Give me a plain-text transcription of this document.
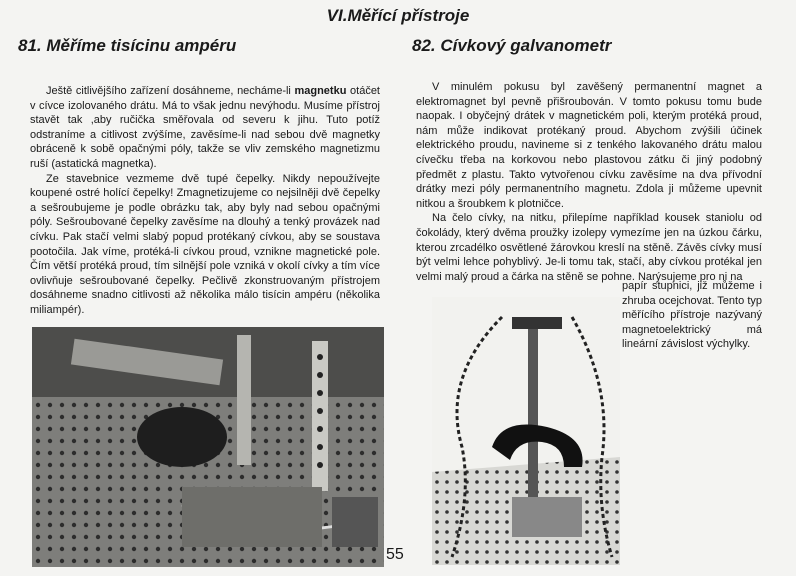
VI.Měřící přístroje
81. Měříme tisícinu ampéru	82. Cívkový galvanometr

Ještě citlivějšího zařízení dosáhneme, necháme-li magnetku otáčet v cívce izolovaného drátu. Má to však jednu nevýhodu. Musíme přístroj stavět tak ,aby ručička směřovala od severu k jihu. Tuto potíž odstraníme a citlivost zvýšíme, zavěsíme-li nad sebou dvě magnetky obráceně k sobě opačnými póly, takže se vliv zemského magnetizmu ruší (astatická magnetka).

Ze stavebnice vezmeme dvě tupé čepelky. Nikdy nepoužívejte koupené ostré holící čepelky! Zmagnetizujeme co nejsilněji dvě čepelky a sešroubujeme je podle obrázku tak, aby byly nad sebou opačnými póly. Sešroubované čepelky zavěsíme na dlouhý a tenký provázek nad cívku. Pak stačí velmi slabý popud protékaný cívkou, aby se soustava pootočila. Jak víme, protéká-li cívkou proud, vznikne magnetické pole. Čím větší protéká proud, tím silnější pole vzniká v okolí cívky a tím více ovlivňuje sešroubované čepelky. Pečlivě zkonstruovaným přístrojem dosáhneme snadno citlivosti až několika málo tisícin ampéru (několika miliampér).

V minulém pokusu byl zavěšený permanentní magnet a elektromagnet byl pevně přišroubován. V tomto pokusu tomu bude naopak. I obyčejný drátek v magnetickém poli, kterým protéká proud, nám může indikovat protékaný proud. Abychom zvýšili účinek elektrického proudu, navineme si z tenkého lakovaného drátu malou cívečku třeba na korkovou nebo plastovou zátku či jiný podobný předmět z plastu. Takto vytvořenou cívku zavěsíme na dva přívodní drátky mezi póly permanentního magnetu. Zdola ji můžeme upevnit nitkou a šroubkem k plotničce.

Na čelo cívky, na nitku, přilepíme například kousek staniolu od čokolády, který dvěma proužky izolepy vymezíme jen na úzkou čárku, kterou zrcadélko osvětlené žárovkou kreslí na stěně. Závěs cívky musí být velmi lehce pohyblivý. Je-li tomu tak, stačí, aby cívkou protékal jen velmi malý proud a čárka na stěně se pohne. Narýsujeme pro ni na

papír stupnici, již můžeme i zhruba ocejchovat. Tento typ měřícího přístroje nazývaný magnetoelektrický má lineární závislost výchylky.

55
